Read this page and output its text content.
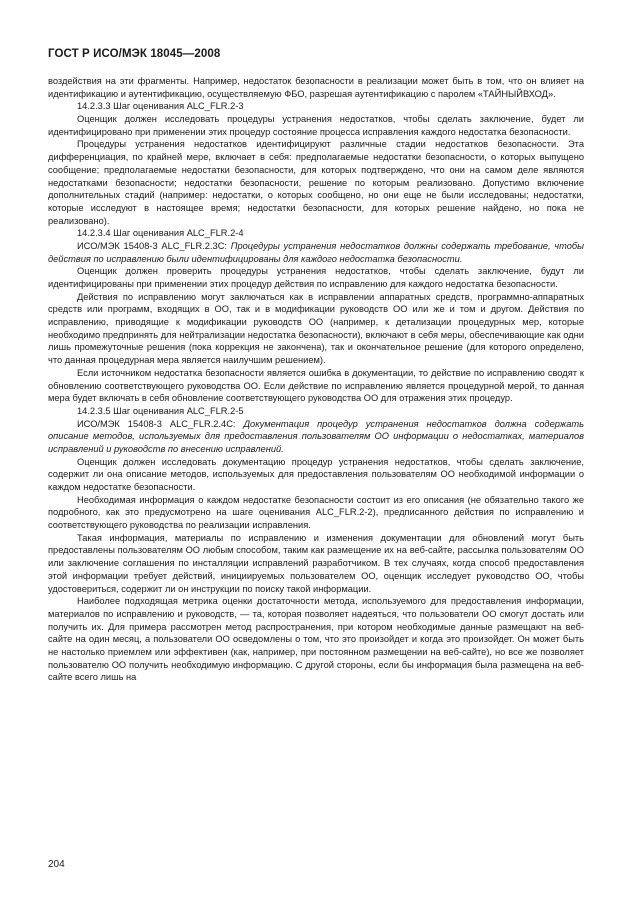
ГОСТ Р ИСО/МЭК 18045—2008

воздействия на эти фрагменты. Например, недостаток безопасности в реализации может быть в том, что он влияет на идентификацию и аутентификацию, осуществляемую ФБО, разрешая аутентификацию с паролем «ТАЙНЫЙВХОД».

14.2.3.3 Шаг оценивания ALC_FLR.2-3

Оценщик должен исследовать процедуры устранения недостатков, чтобы сделать заключение, будет ли идентифицировано при применении этих процедур состояние процесса исправления каждого недостатка безопасности.

Процедуры устранения недостатков идентифицируют различные стадии недостатков безопасности. Эта дифференциация, по крайней мере, включает в себя: предполагаемые недостатки безопасности, о которых выпущено сообщение; предполагаемые недостатки безопасности, для которых подтверждено, что они на самом деле являются недостатками безопасности; недостатки безопасности, решение по которым реализовано. Допустимо включение дополнительных стадий (например: недостатки, о которых сообщено, но они еще не были исследованы; недостатки, которые исследуют в настоящее время; недостатки безопасности, для которых решение найдено, но пока не реализовано).

14.2.3.4 Шаг оценивания ALC_FLR.2-4

ИСО/МЭК 15408-3 ALC_FLR.2.3C: Процедуры устранения недостатков должны содержать требование, чтобы действия по исправлению были идентифицированы для каждого недостатка безопасности.

Оценщик должен проверить процедуры устранения недостатков, чтобы сделать заключение, будут ли идентифицированы при применении этих процедур действия по исправлению для каждого недостатка безопасности.

Действия по исправлению могут заключаться как в исправлении аппаратных средств, программно-аппаратных средств или программ, входящих в ОО, так и в модификации руководств ОО или же и том и другом. Действия по исправлению, приводящие к модификации руководств ОО (например, к детализации процедурных мер, которые необходимо предпринять для нейтрализации недостатка безопасности), включают в себя меры, обеспечивающие как одни лишь промежуточные решения (пока коррекция не закончена), так и окончательное решение (для которого определено, что данная процедурная мера является наилучшим решением).

Если источником недостатка безопасности является ошибка в документации, то действие по исправлению сводят к обновлению соответствующего руководства ОО. Если действие по исправлению является процедурной мерой, то данная мера будет включать в себя обновление соответствующего руководства ОО для отражения этих процедур.

14.2.3.5 Шаг оценивания ALC_FLR.2-5

ИСО/МЭК 15408-3 ALC_FLR.2.4C: Документация процедур устранения недостатков должна содержать описание методов, используемых для предоставления пользователям ОО информации о недостатках, материалов исправлений и руководств по внесению исправлений.

Оценщик должен исследовать документацию процедур устранения недостатков, чтобы сделать заключение, содержит ли она описание методов, используемых для предоставления пользователям ОО необходимой информации о каждом недостатке безопасности.

Необходимая информация о каждом недостатке безопасности состоит из его описания (не обязательно такого же подробного, как это предусмотрено на шаге оценивания ALC_FLR.2-2), предписанного действия по исправлению и соответствующего руководства по реализации исправления.

Такая информация, материалы по исправлению и изменения документации для обновлений могут быть предоставлены пользователям ОО любым способом, таким как размещение их на веб-сайте, рассылка пользователям ОО или заключение соглашения по инсталляции исправлений разработчиком. В тех случаях, когда способ предоставления этой информации требует действий, инициируемых пользователем ОО, оценщик исследует руководство ОО, чтобы удостовериться, содержит ли он инструкции по поиску такой информации.

Наиболее подходящая метрика оценки достаточности метода, используемого для предоставления информации, материалов по исправлению и руководств, — та, которая позволяет надеяться, что пользователи ОО смогут достать или получить их. Для примера рассмотрен метод распространения, при котором необходимые данные размещают на веб-сайте на один месяц, а пользователи ОО осведомлены о том, что это произойдет и когда это произойдет. Он может быть не настолько приемлем или эффективен (как, например, при постоянном размещении на веб-сайте), но все же позволяет пользователю ОО получить необходимую информацию. С другой стороны, если бы информация была размещена на веб-сайте всего лишь на

204
